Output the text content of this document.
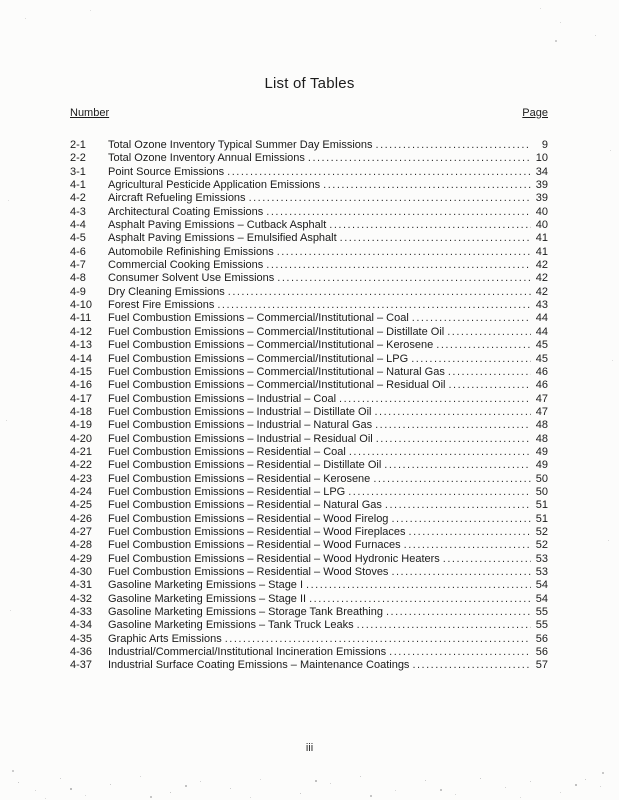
List of Tables
Number	Page
2-1	Total Ozone Inventory Typical Summer Day Emissions .....	9
2-2	Total Ozone Inventory Annual Emissions .....	10
3-1	Point Source Emissions .....	34
4-1	Agricultural Pesticide Application Emissions .....	39
4-2	Aircraft Refueling Emissions .....	39
4-3	Architectural Coating Emissions .....	40
4-4	Asphalt Paving Emissions – Cutback Asphalt .....	40
4-5	Asphalt Paving Emissions – Emulsified Asphalt .....	41
4-6	Automobile Refinishing Emissions .....	41
4-7	Commercial Cooking Emissions .....	42
4-8	Consumer Solvent Use Emissions .....	42
4-9	Dry Cleaning Emissions .....	42
4-10	Forest Fire Emissions .....	43
4-11	Fuel Combustion Emissions – Commercial/Institutional – Coal .....	44
4-12	Fuel Combustion Emissions – Commercial/Institutional – Distillate Oil .....	44
4-13	Fuel Combustion Emissions – Commercial/Institutional – Kerosene .....	45
4-14	Fuel Combustion Emissions – Commercial/Institutional – LPG .....	45
4-15	Fuel Combustion Emissions – Commercial/Institutional – Natural Gas .....	46
4-16	Fuel Combustion Emissions – Commercial/Institutional – Residual Oil .....	46
4-17	Fuel Combustion Emissions – Industrial – Coal .....	47
4-18	Fuel Combustion Emissions – Industrial – Distillate Oil .....	47
4-19	Fuel Combustion Emissions – Industrial – Natural Gas .....	48
4-20	Fuel Combustion Emissions – Industrial – Residual Oil .....	48
4-21	Fuel Combustion Emissions – Residential – Coal .....	49
4-22	Fuel Combustion Emissions – Residential – Distillate Oil .....	49
4-23	Fuel Combustion Emissions – Residential – Kerosene .....	50
4-24	Fuel Combustion Emissions – Residential – LPG .....	50
4-25	Fuel Combustion Emissions – Residential – Natural Gas .....	51
4-26	Fuel Combustion Emissions – Residential – Wood Firelog .....	51
4-27	Fuel Combustion Emissions – Residential – Wood Fireplaces .....	52
4-28	Fuel Combustion Emissions – Residential – Wood Furnaces .....	52
4-29	Fuel Combustion Emissions – Residential – Wood Hydronic Heaters .....	53
4-30	Fuel Combustion Emissions – Residential – Wood Stoves .....	53
4-31	Gasoline Marketing Emissions – Stage I .....	54
4-32	Gasoline Marketing Emissions – Stage II .....	54
4-33	Gasoline Marketing Emissions – Storage Tank Breathing .....	55
4-34	Gasoline Marketing Emissions – Tank Truck Leaks .....	55
4-35	Graphic Arts Emissions .....	56
4-36	Industrial/Commercial/Institutional Incineration Emissions .....	56
4-37	Industrial Surface Coating Emissions – Maintenance Coatings .....	57
iii
